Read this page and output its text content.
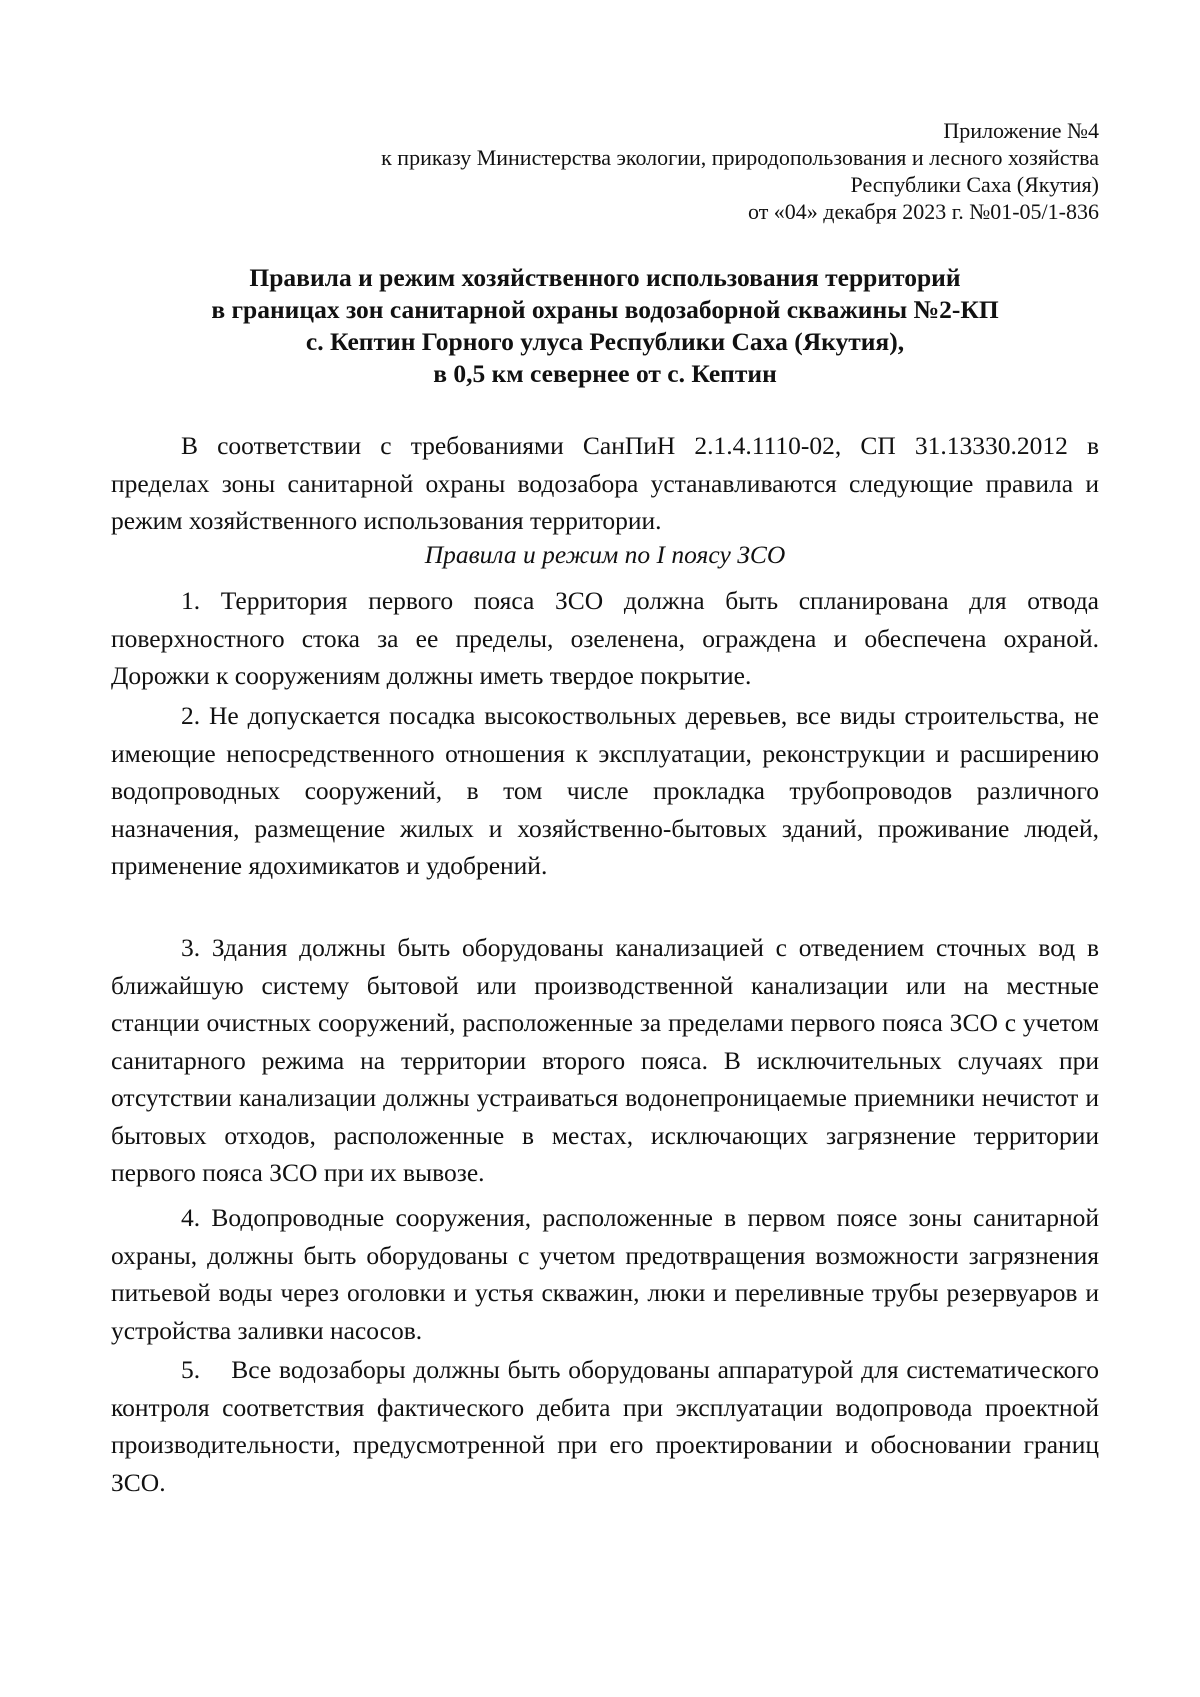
Приложение №4
к приказу Министерства экологии, природопользования и лесного хозяйства
Республики Саха (Якутия)
от «04» декабря 2023 г. №01-05/1-836
Правила и режим хозяйственного использования территорий
в границах зон санитарной охраны водозаборной скважины №2-КП
с. Кептин Горного улуса Республики Саха (Якутия),
в 0,5 км севернее от с. Кептин

В соответствии с требованиями СанПиН 2.1.4.1110-02, СП 31.13330.2012 в пределах зоны санитарной охраны водозабора устанавливаются следующие правила и режим хозяйственного использования территории.

Правила и режим по I поясу ЗСО

1. Территория первого пояса ЗСО должна быть спланирована для отвода поверхностного стока за ее пределы, озеленена, ограждена и обеспечена охраной. Дорожки к сооружениям должны иметь твердое покрытие.

2. Не допускается посадка высокоствольных деревьев, все виды строительства, не имеющие непосредственного отношения к эксплуатации, реконструкции и расширению водопроводных сооружений, в том числе прокладка трубопроводов различного назначения, размещение жилых и хозяйственно-бытовых зданий, проживание людей, применение ядохимикатов и удобрений.

3. Здания должны быть оборудованы канализацией с отведением сточных вод в ближайшую систему бытовой или производственной канализации или на местные станции очистных сооружений, расположенные за пределами первого пояса ЗСО с учетом санитарного режима на территории второго пояса. В исключительных случаях при отсутствии канализации должны устраиваться водонепроницаемые приемники нечистот и бытовых отходов, расположенные в местах, исключающих загрязнение территории первого пояса ЗСО при их вывозе.

4. Водопроводные сооружения, расположенные в первом поясе зоны санитарной охраны, должны быть оборудованы с учетом предотвращения возможности загрязнения питьевой воды через оголовки и устья скважин, люки и переливные трубы резервуаров и устройства заливки насосов.

5.    Все водозаборы должны быть оборудованы аппаратурой для систематического контроля соответствия фактического дебита при эксплуатации водопровода проектной производительности, предусмотренной при его проектировании и обосновании границ ЗСО.
